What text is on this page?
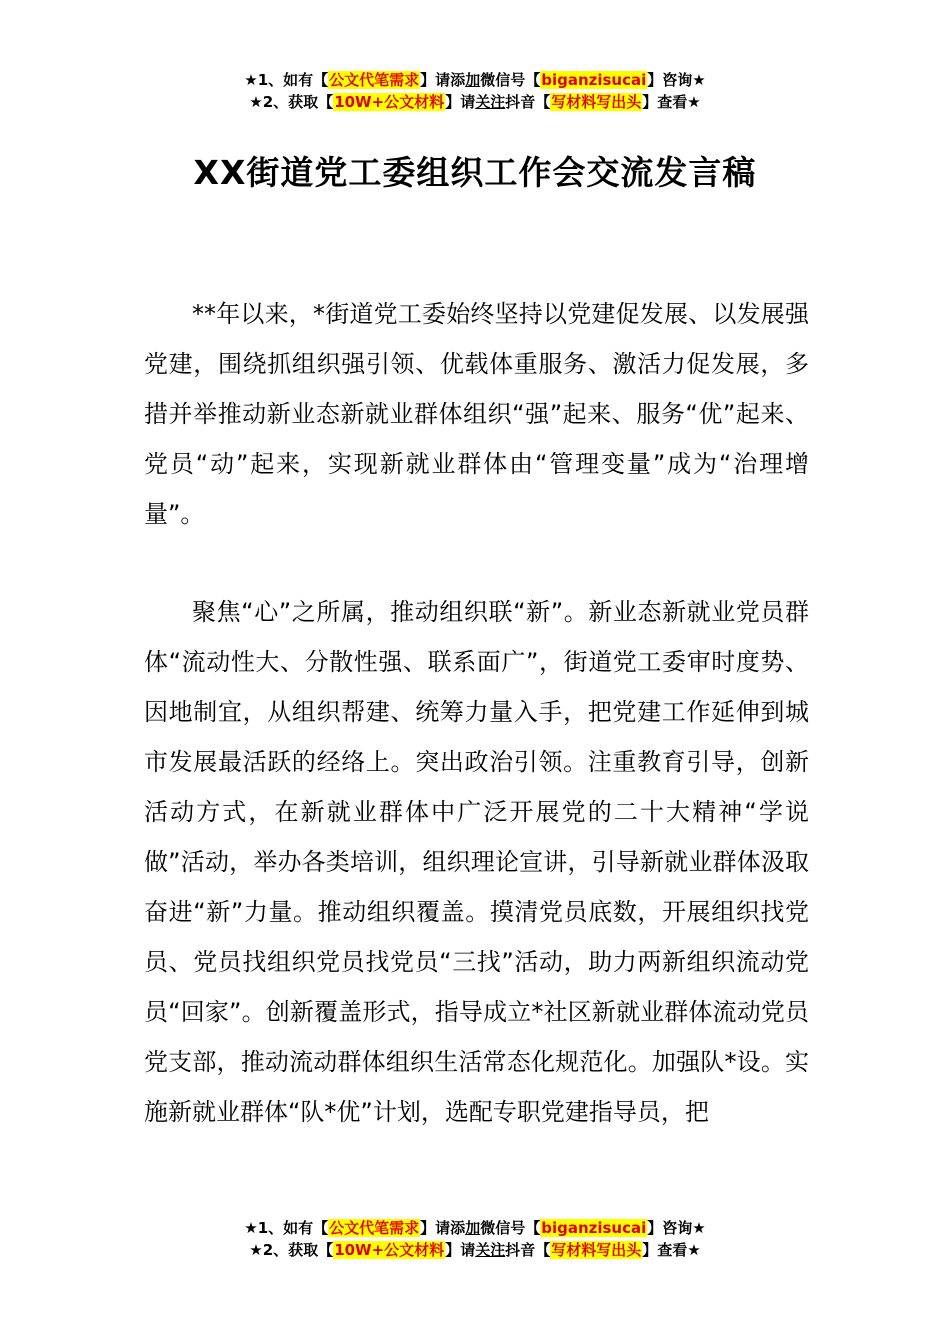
★1、如有【公文代笔需求】请添加微信号【biganzisucai】咨询★
★2、获取【10W+公文材料】请关注抖音【写材料写出头】查看★
XX街道党工委组织工作会交流发言稿

**年以来，*街道党工委始终坚持以党建促发展、以发展强党建，围绕抓组织强引领、优载体重服务、激活力促发展，多措并举推动新业态新就业群体组织“强”起来、服务“优”起来、党员“动”起来，实现新就业群体由“管理变量”成为“治理增量”。

聚焦“心”之所属，推动组织联“新”。新业态新就业党员群体“流动性大、分散性强、联系面广”，街道党工委审时度势、因地制宜，从组织帮建、统筹力量入手，把党建工作延伸到城市发展最活跃的经络上。突出政治引领。注重教育引导，创新活动方式，在新就业群体中广泛开展党的二十大精神“学说做”活动，举办各类培训，组织理论宣讲，引导新就业群体汲取奋进“新”力量。推动组织覆盖。摸清党员底数，开展组织找党员、党员找组织党员找党员“三找”活动，助力两新组织流动党员“回家”。创新覆盖形式，指导成立*社区新就业群体流动党员党支部，推动流动群体组织生活常态化规范化。加强队*设。实施新就业群体“队*优”计划，选配专职党建指导员，把

★1、如有【公文代笔需求】请添加微信号【biganzisucai】咨询★
★2、获取【10W+公文材料】请关注抖音【写材料写出头】查看★
